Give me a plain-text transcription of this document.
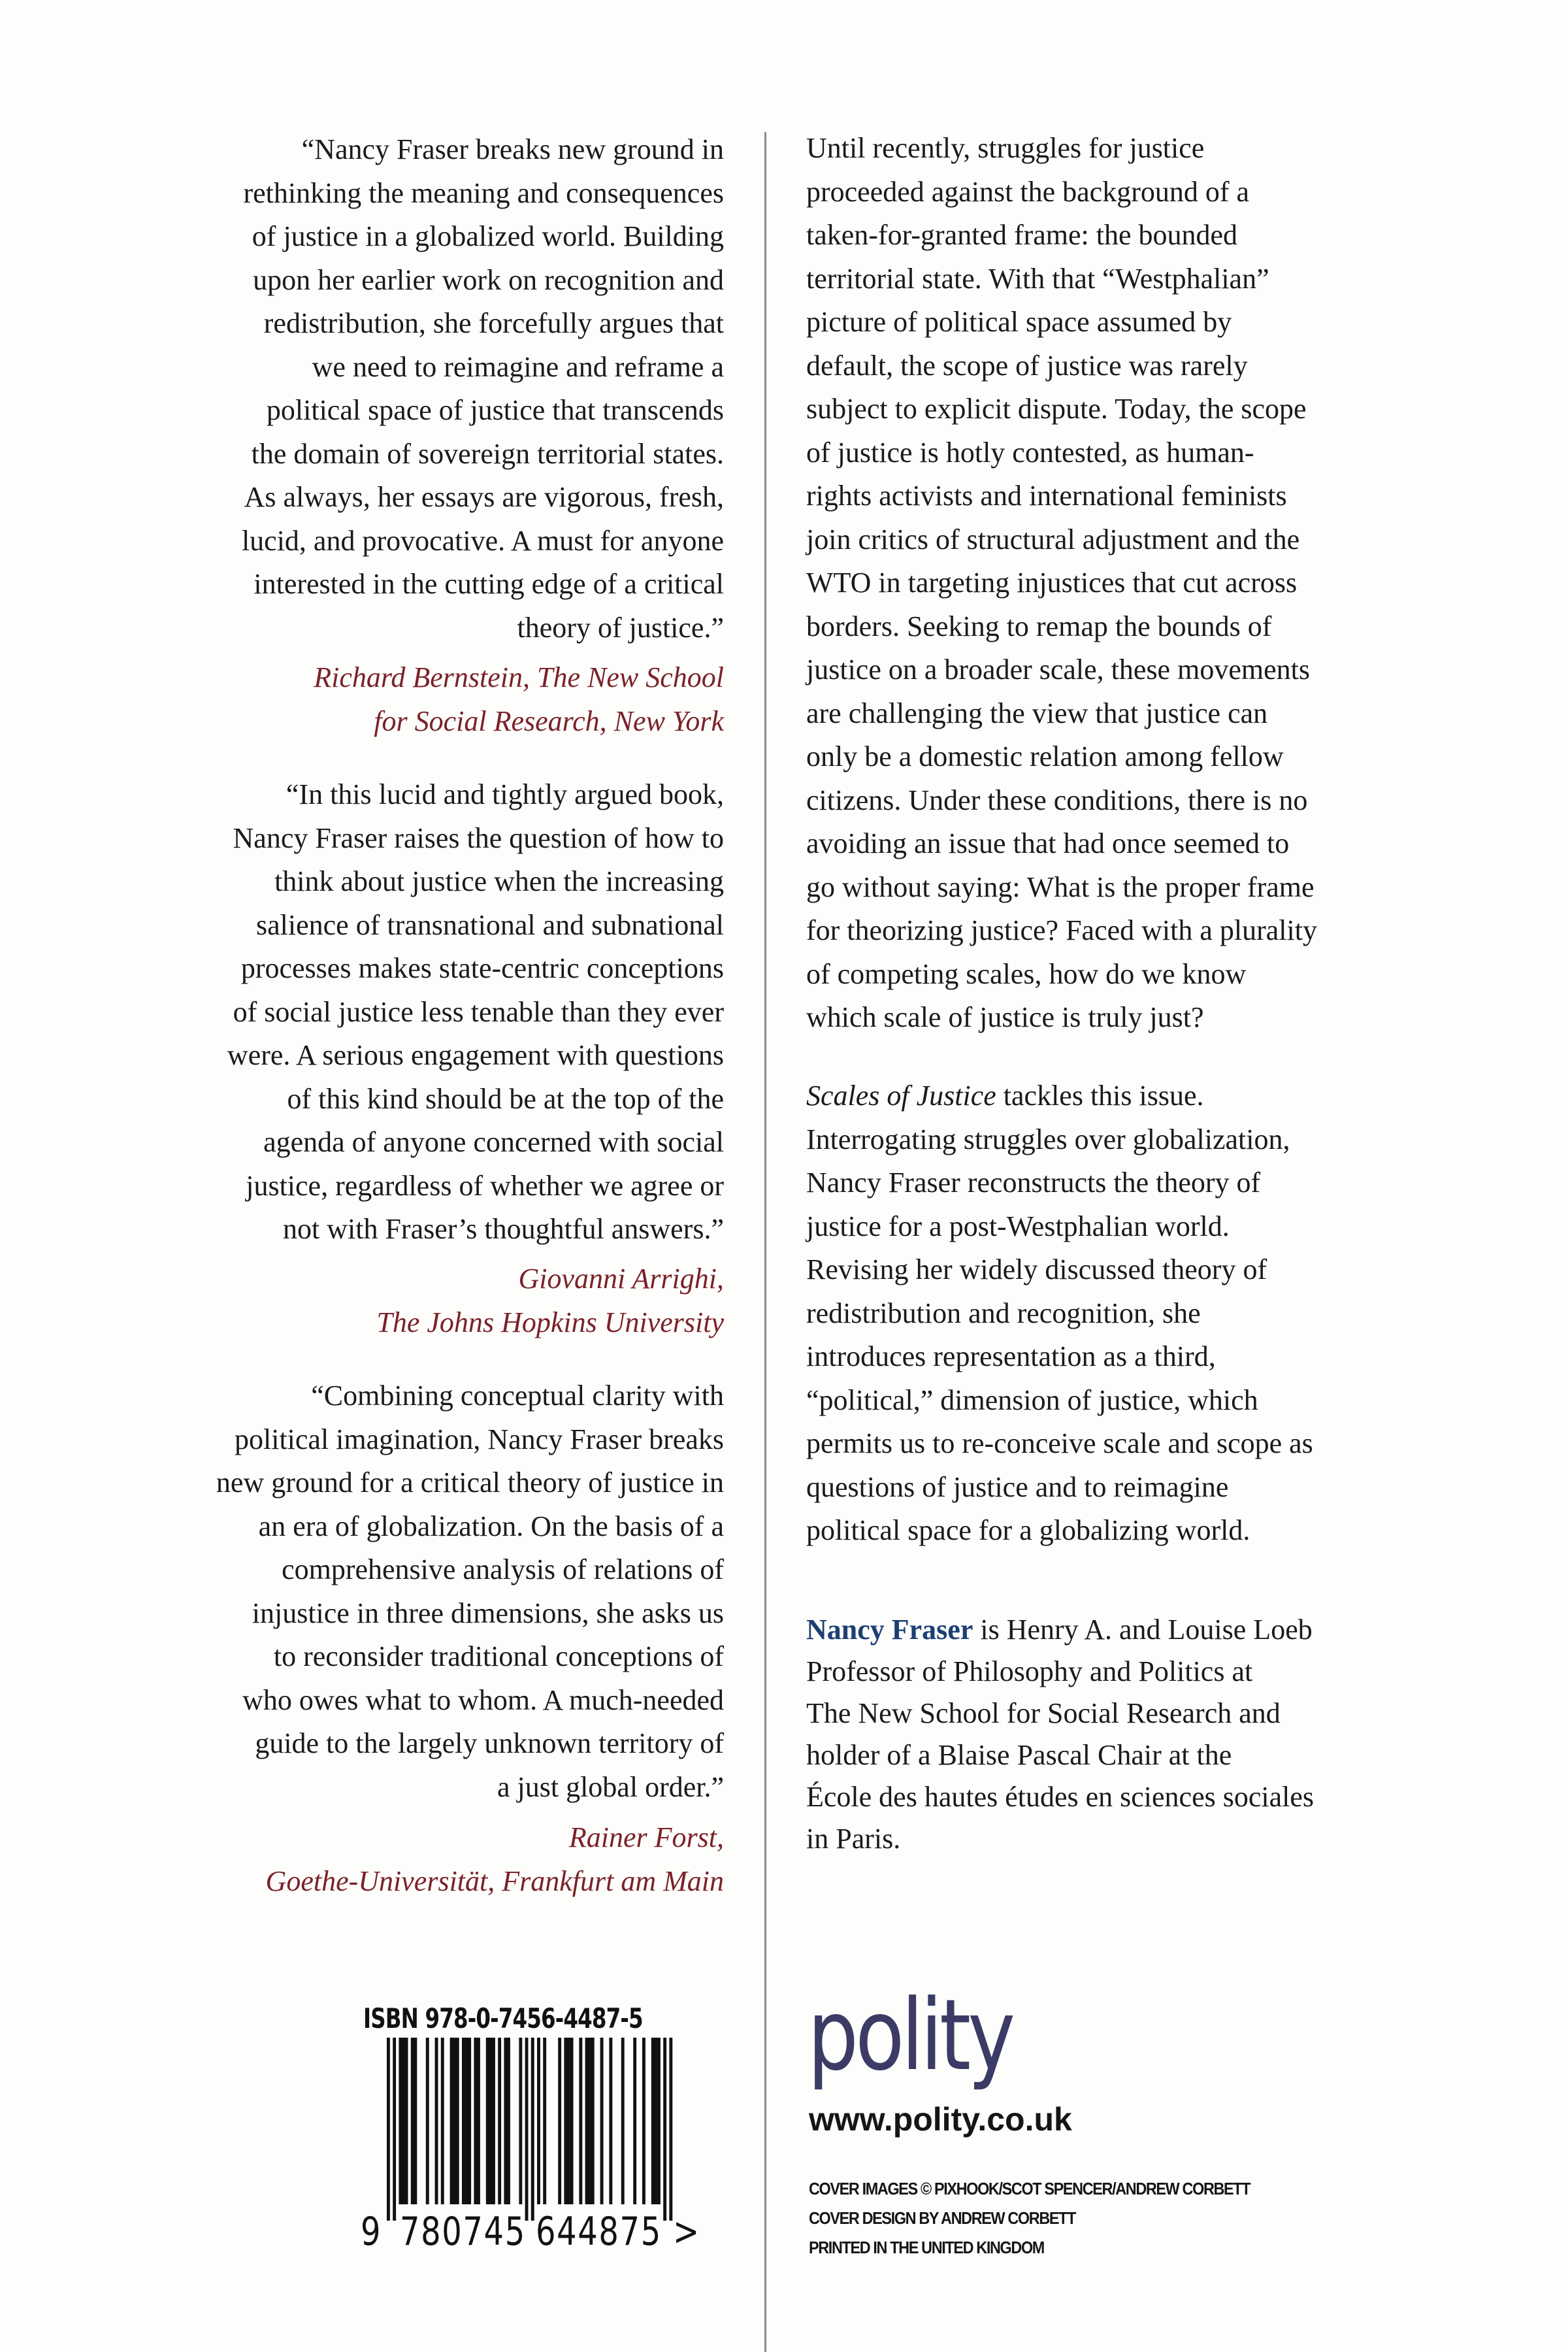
“Nancy Fraser breaks new ground in
rethinking the meaning and consequences
of justice in a globalized world. Building
upon her earlier work on recognition and
redistribution, she forcefully argues that
we need to reimagine and reframe a
political space of justice that transcends
the domain of sovereign territorial states.
As always, her essays are vigorous, fresh,
lucid, and provocative. A must for anyone
interested in the cutting edge of a critical
theory of justice.”
Richard Bernstein, The New School
for Social Research, New York
“In this lucid and tightly argued book,
Nancy Fraser raises the question of how to
think about justice when the increasing
salience of transnational and subnational
processes makes state-centric conceptions
of social justice less tenable than they ever
were. A serious engagement with questions
of this kind should be at the top of the
agenda of anyone concerned with social
justice, regardless of whether we agree or
not with Fraser’s thoughtful answers.”
Giovanni Arrighi,
The Johns Hopkins University
“Combining conceptual clarity with
political imagination, Nancy Fraser breaks
new ground for a critical theory of justice in
an era of globalization. On the basis of a
comprehensive analysis of relations of
injustice in three dimensions, she asks us
to reconsider traditional conceptions of
who owes what to whom. A much-needed
guide to the largely unknown territory of
a just global order.”
Rainer Forst,
Goethe-Universität, Frankfurt am Main
Until recently, struggles for justice
proceeded against the background of a
taken-for-granted frame: the bounded
territorial state. With that “Westphalian”
picture of political space assumed by
default, the scope of justice was rarely
subject to explicit dispute. Today, the scope
of justice is hotly contested, as human-
rights activists and international feminists
join critics of structural adjustment and the
WTO in targeting injustices that cut across
borders. Seeking to remap the bounds of
justice on a broader scale, these movements
are challenging the view that justice can
only be a domestic relation among fellow
citizens. Under these conditions, there is no
avoiding an issue that had once seemed to
go without saying: What is the proper frame
for theorizing justice? Faced with a plurality
of competing scales, how do we know
which scale of justice is truly just?
Scales of Justice tackles this issue.
Interrogating struggles over globalization,
Nancy Fraser reconstructs the theory of
justice for a post-Westphalian world.
Revising her widely discussed theory of
redistribution and recognition, she
introduces representation as a third,
“political,” dimension of justice, which
permits us to re-conceive scale and scope as
questions of justice and to reimagine
political space for a globalizing world.
Nancy Fraser is Henry A. and Louise Loeb
Professor of Philosophy and Politics at
The New School for Social Research and
holder of a Blaise Pascal Chair at the
École des hautes études en sciences sociales
in Paris.
ISBN 978-0-7456-4487-5
9 780745 644875 >
polity
www.polity.co.uk
COVER IMAGES © PIXHOOK/SCOT SPENCER/ANDREW CORBETT
COVER DESIGN BY ANDREW CORBETT
PRINTED IN THE UNITED KINGDOM
